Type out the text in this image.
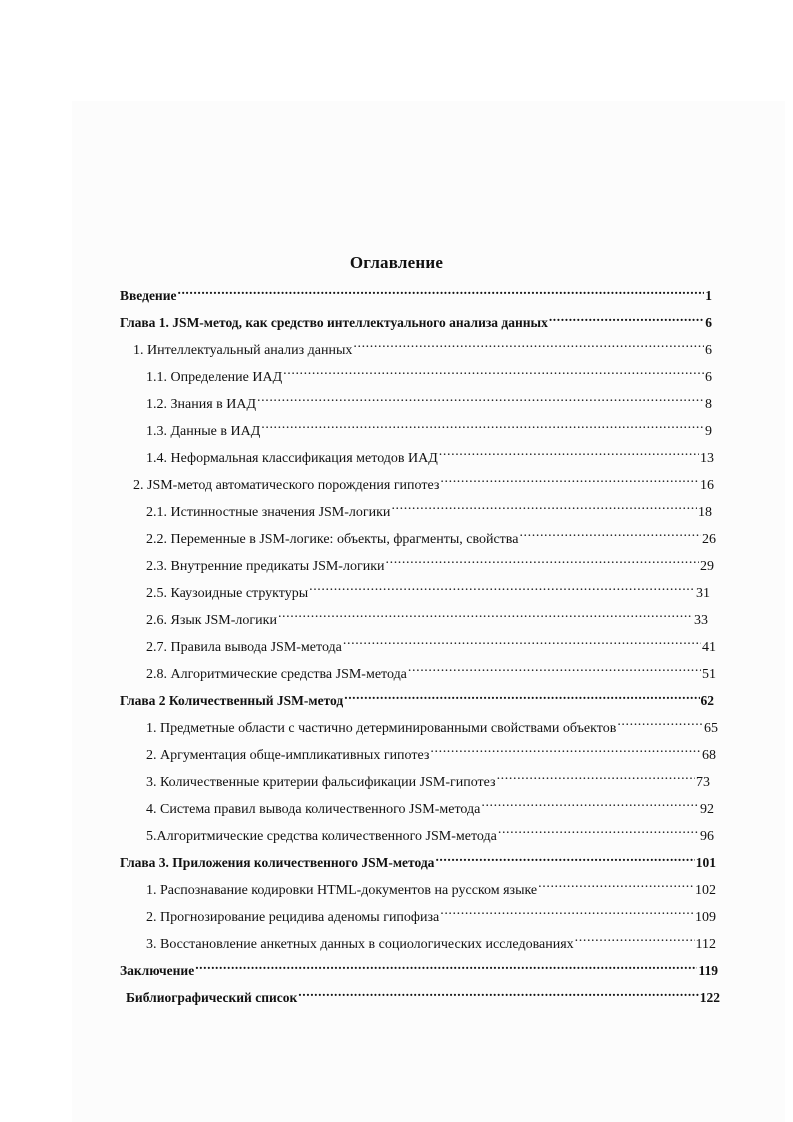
Оглавление
Введение .....	1
Глава 1. JSM-метод, как средство интеллектуального анализа данных .....	6
1. Интеллектуальный анализ данных .....	6
1.1. Определение ИАД .....	6
1.2. Знания в ИАД .....	8
1.3. Данные в ИАД .....	9
1.4. Неформальная классификация методов ИАД .....	13
2. JSM-метод автоматического порождения гипотез .....	16
2.1. Истинностные значения JSM-логики .....	18
2.2. Переменные в JSM-логике: объекты, фрагменты, свойства .....	26
2.3. Внутренние предикаты JSM-логики .....	29
2.5. Каузоидные структуры .....	31
2.6. Язык JSM-логики .....	33
2.7. Правила вывода JSM-метода .....	41
2.8. Алгоритмические средства JSM-метода .....	51
Глава 2 Количественный JSM-метод .....	62
1. Предметные области с частично детерминированными свойствами объектов .....	65
2. Аргументация обще-импликативных гипотез .....	68
3. Количественные критерии фальсификации JSM-гипотез .....	73
4. Система правил вывода количественного JSM-метода .....	92
5.Алгоритмические средства количественного JSM-метода .....	96
Глава 3. Приложения количественного JSM-метода .....	101
1. Распознавание кодировки HTML-документов на русском языке .....	102
2. Прогнозирование рецидива аденомы гипофиза .....	109
3. Восстановление анкетных данных в социологических исследованиях .....	112
Заключение .....	119
Библиографический список .....	122
